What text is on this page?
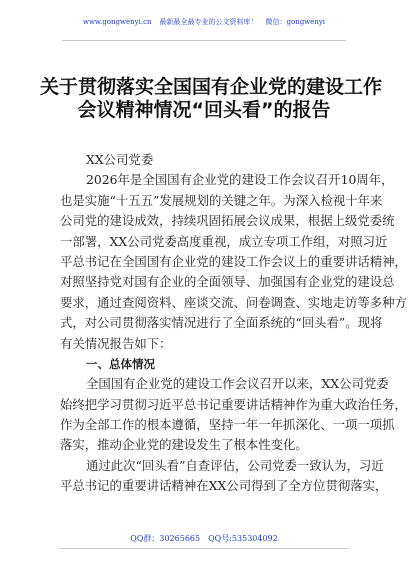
www.gongwenyi.cn 最新最全最专业的公文资料库！ 微信：gongwenyi
关于贯彻落实全国国有企业党的建设工作
会议精神情况“回头看”的报告
XX公司党委
2026年是全国国有企业党的建设工作会议召开10周年，
也是实施“十五五”发展规划的关键之年。为深入检视十年来
公司党的建设成效，持续巩固拓展会议成果，根据上级党委统
一部署，XX公司党委高度重视，成立专项工作组，对照习近
平总书记在全国国有企业党的建设工作会议上的重要讲话精神，
对照坚持党对国有企业的全面领导、加强国有企业党的建设总
要求，通过查阅资料、座谈交流、问卷调查、实地走访等多种方
式，对公司贯彻落实情况进行了全面系统的“回头看”。现将
有关情况报告如下：
一、总体情况
全国国有企业党的建设工作会议召开以来，XX公司党委
始终把学习贯彻习近平总书记重要讲话精神作为重大政治任务，
作为全部工作的根本遵循，坚持一年一年抓深化、一项一项抓
落实，推动企业党的建设发生了根本性变化。
通过此次“回头看”自查评估，公司党委一致认为，习近
平总书记的重要讲话精神在XX公司得到了全方位贯彻落实，
QQ群：30265665 QQ号:535304092
